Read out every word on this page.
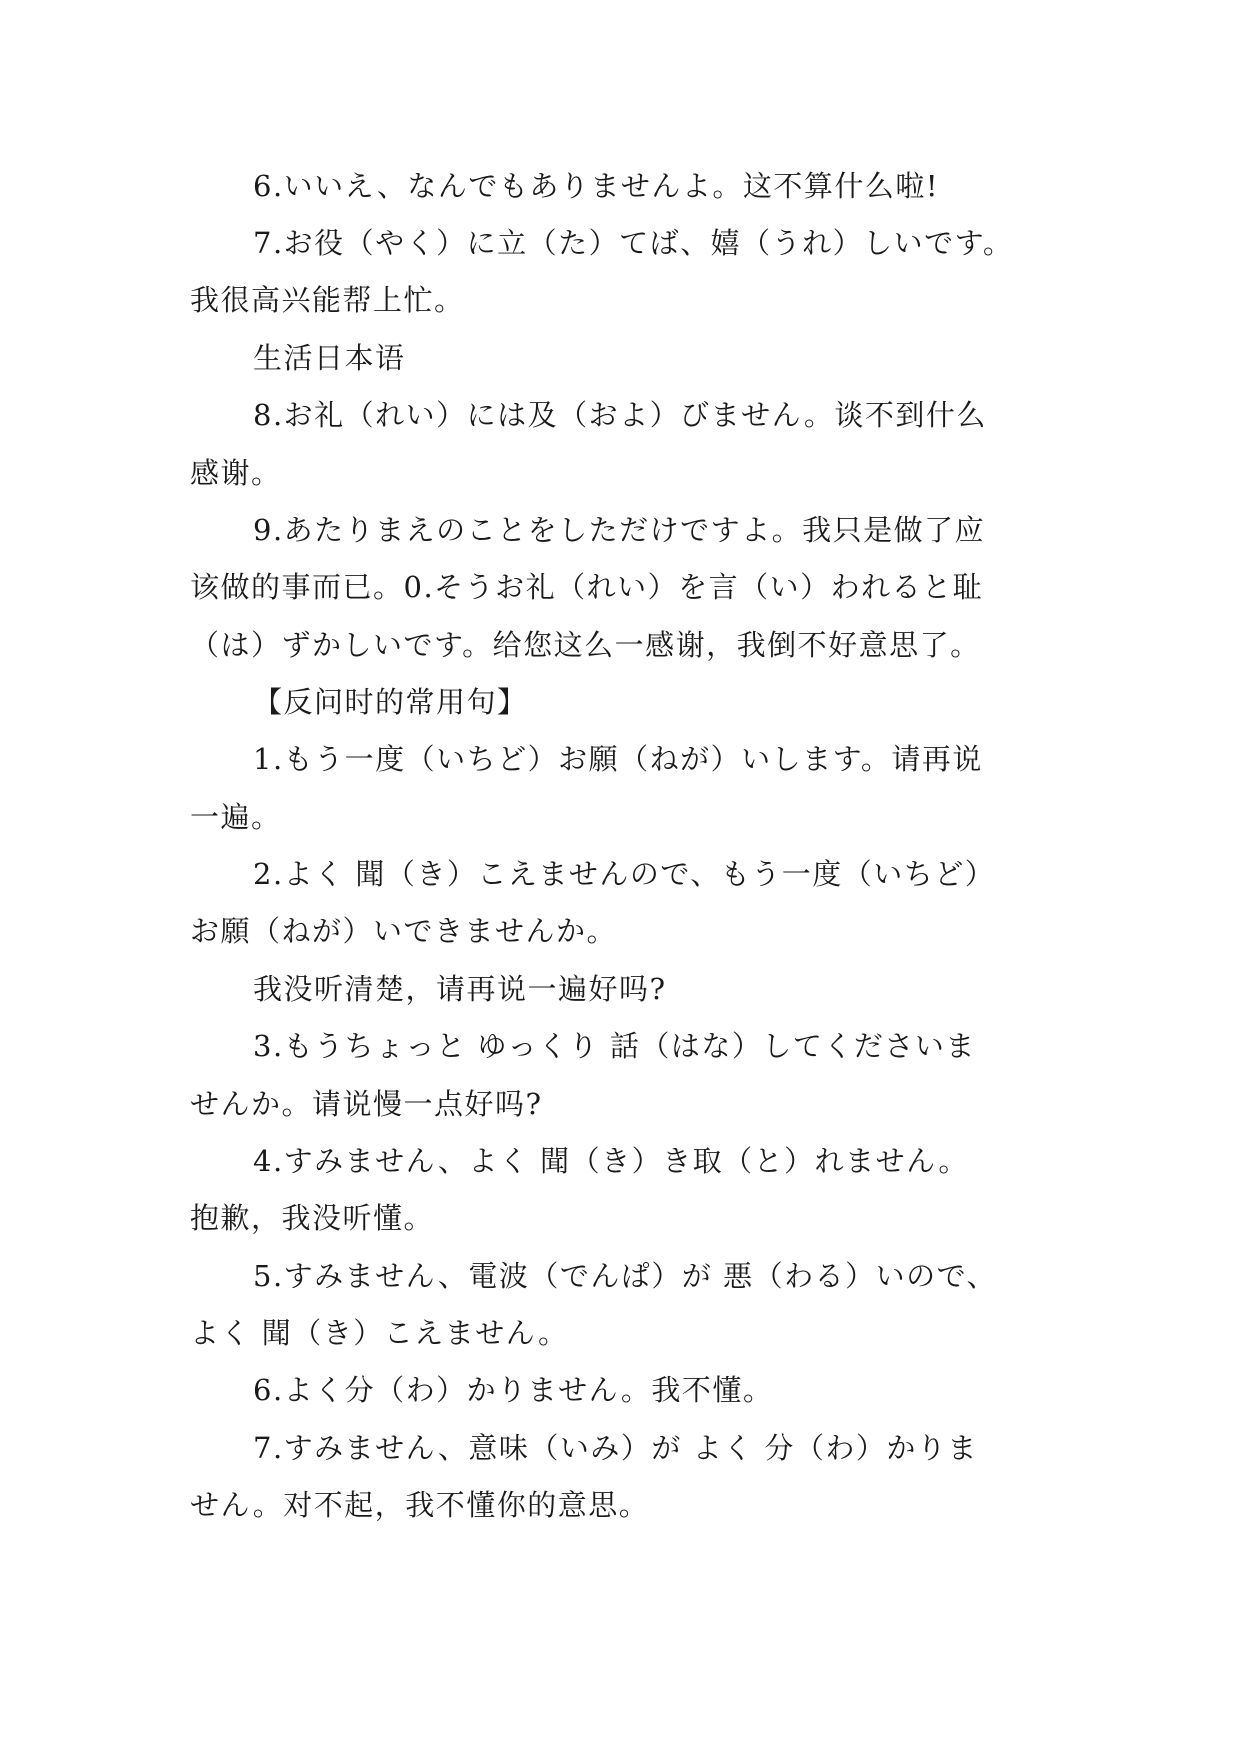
6.いいえ、なんでもありませんよ。这不算什么啦!
7.お役（やく）に立（た）てば、嬉（うれ）しいです。
我很高兴能帮上忙。
生活日本语
8.お礼（れい）には及（およ）びません。谈不到什么
感谢。
9.あたりまえのことをしただけですよ。我只是做了应
该做的事而已。0.そうお礼（れい）を言（い）われると耻
（は）ずかしいです。给您这么一感谢，我倒不好意思了。
【反问时的常用句】
1.もう一度（いちど）お願（ねが）いします。请再说
一遍。
2.よく 聞（き）こえませんので、もう一度（いちど）
お願（ねが）いできませんか。
我没听清楚，请再说一遍好吗?
3.もうちょっと ゆっくり 話（はな）してくださいま
せんか。请说慢一点好吗?
4.すみません、よく 聞（き）き取（と）れません。
抱歉，我没听懂。
5.すみません、電波（でんぱ）が 悪（わる）いので、
よく 聞（き）こえません。
6.よく分（わ）かりません。我不懂。
7.すみません、意味（いみ）が よく 分（わ）かりま
せん。对不起，我不懂你的意思。
